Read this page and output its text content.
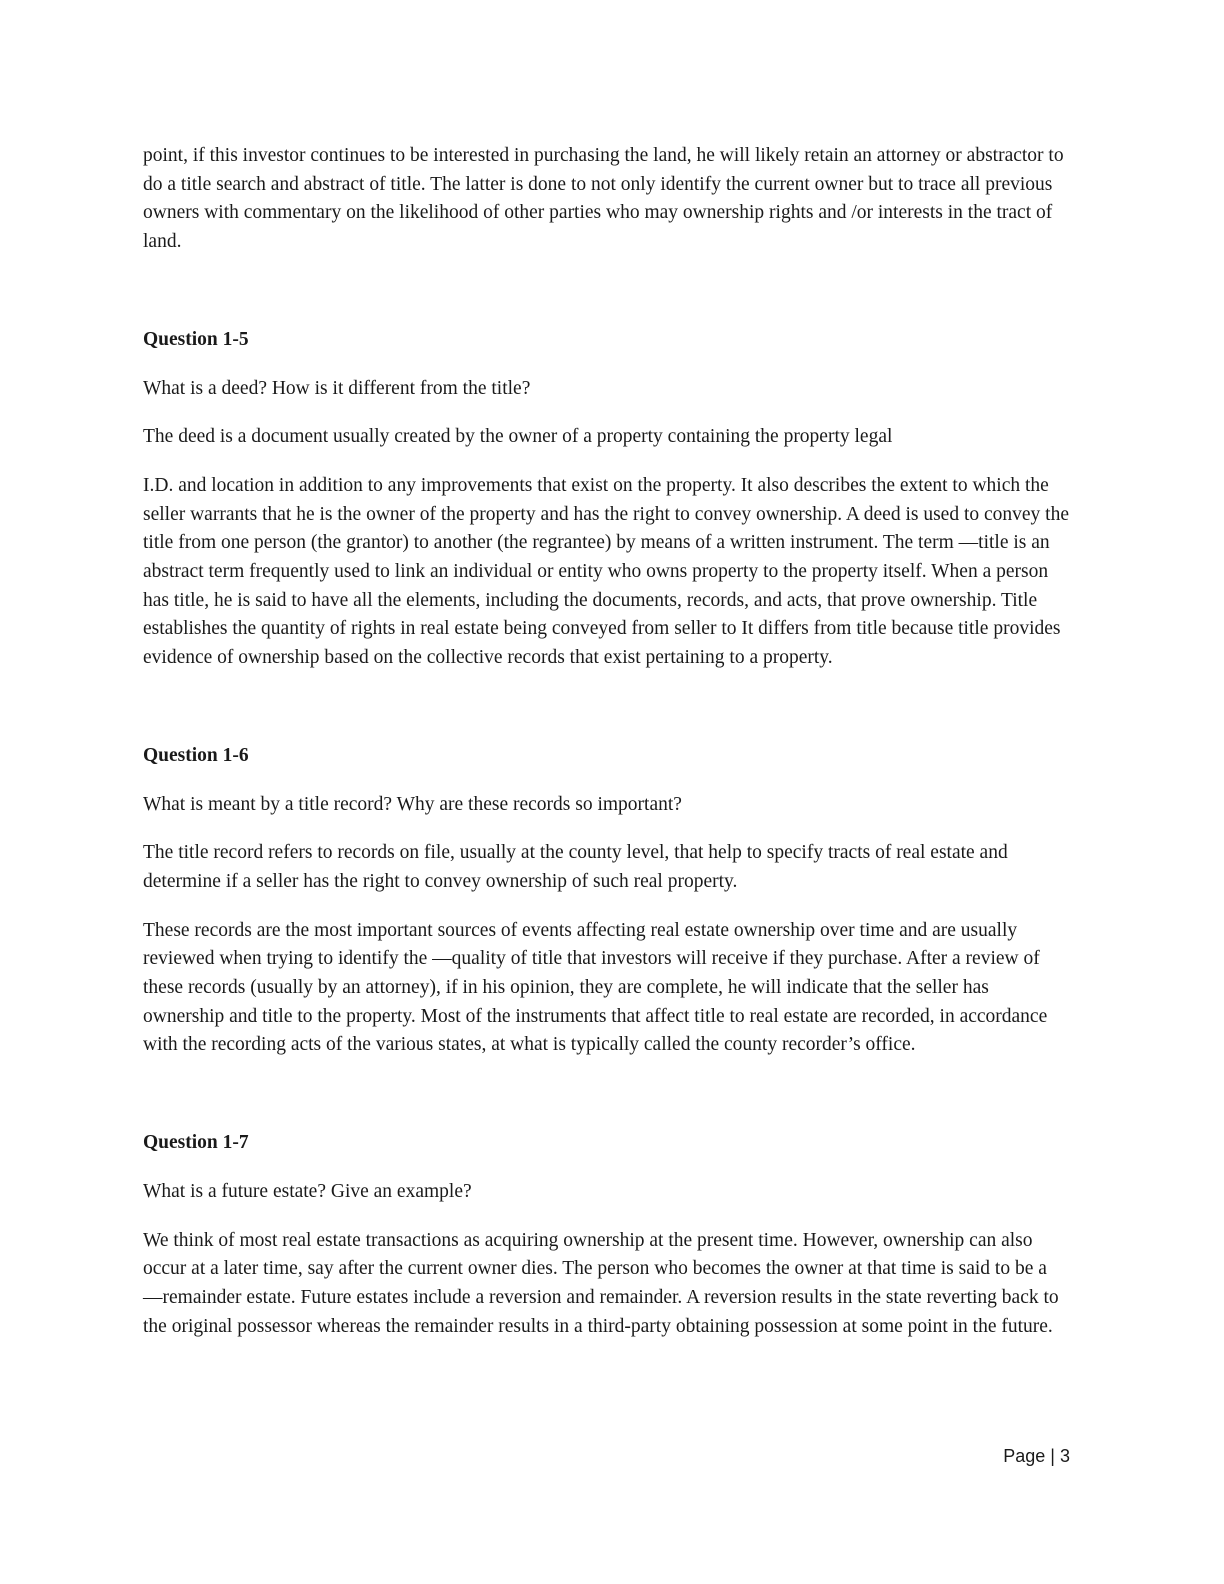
point, if this investor continues to be interested in purchasing the land, he will likely retain an attorney or abstractor to do a title search and abstract of title. The latter is done to not only identify the current owner but to trace all previous owners with commentary on the likelihood of other parties who may ownership rights and /or interests in the tract of land.

Question 1-5

What is a deed? How is it different from the title?

The deed is a document usually created by the owner of a property containing the property legal

I.D. and location in addition to any improvements that exist on the property. It also describes the extent to which the seller warrants that he is the owner of the property and has the right to convey ownership. A deed is used to convey the title from one person (the grantor) to another (the regrantee) by means of a written instrument. The term ―title is an abstract term frequently used to link an individual or entity who owns property to the property itself. When a person has title, he is said to have all the elements, including the documents, records, and acts, that prove ownership. Title establishes the quantity of rights in real estate being conveyed from seller to It differs from title because title provides evidence of ownership based on the collective records that exist pertaining to a property.

Question 1-6

What is meant by a title record? Why are these records so important?

The title record refers to records on file, usually at the county level, that help to specify tracts of real estate and determine if a seller has the right to convey ownership of such real property.

These records are the most important sources of events affecting real estate ownership over time and are usually reviewed when trying to identify the ―quality of title that investors will receive if they purchase. After a review of these records (usually by an attorney), if in his opinion, they are complete, he will indicate that the seller has ownership and title to the property. Most of the instruments that affect title to real estate are recorded, in accordance with the recording acts of the various states, at what is typically called the county recorder’s office.

Question 1-7

What is a future estate? Give an example?

We think of most real estate transactions as acquiring ownership at the present time. However, ownership can also occur at a later time, say after the current owner dies. The person who becomes the owner at that time is said to be a ―remainder estate. Future estates include a reversion and remainder. A reversion results in the state reverting back to the original possessor whereas the remainder results in a third-party obtaining possession at some point in the future.

Page | 3
